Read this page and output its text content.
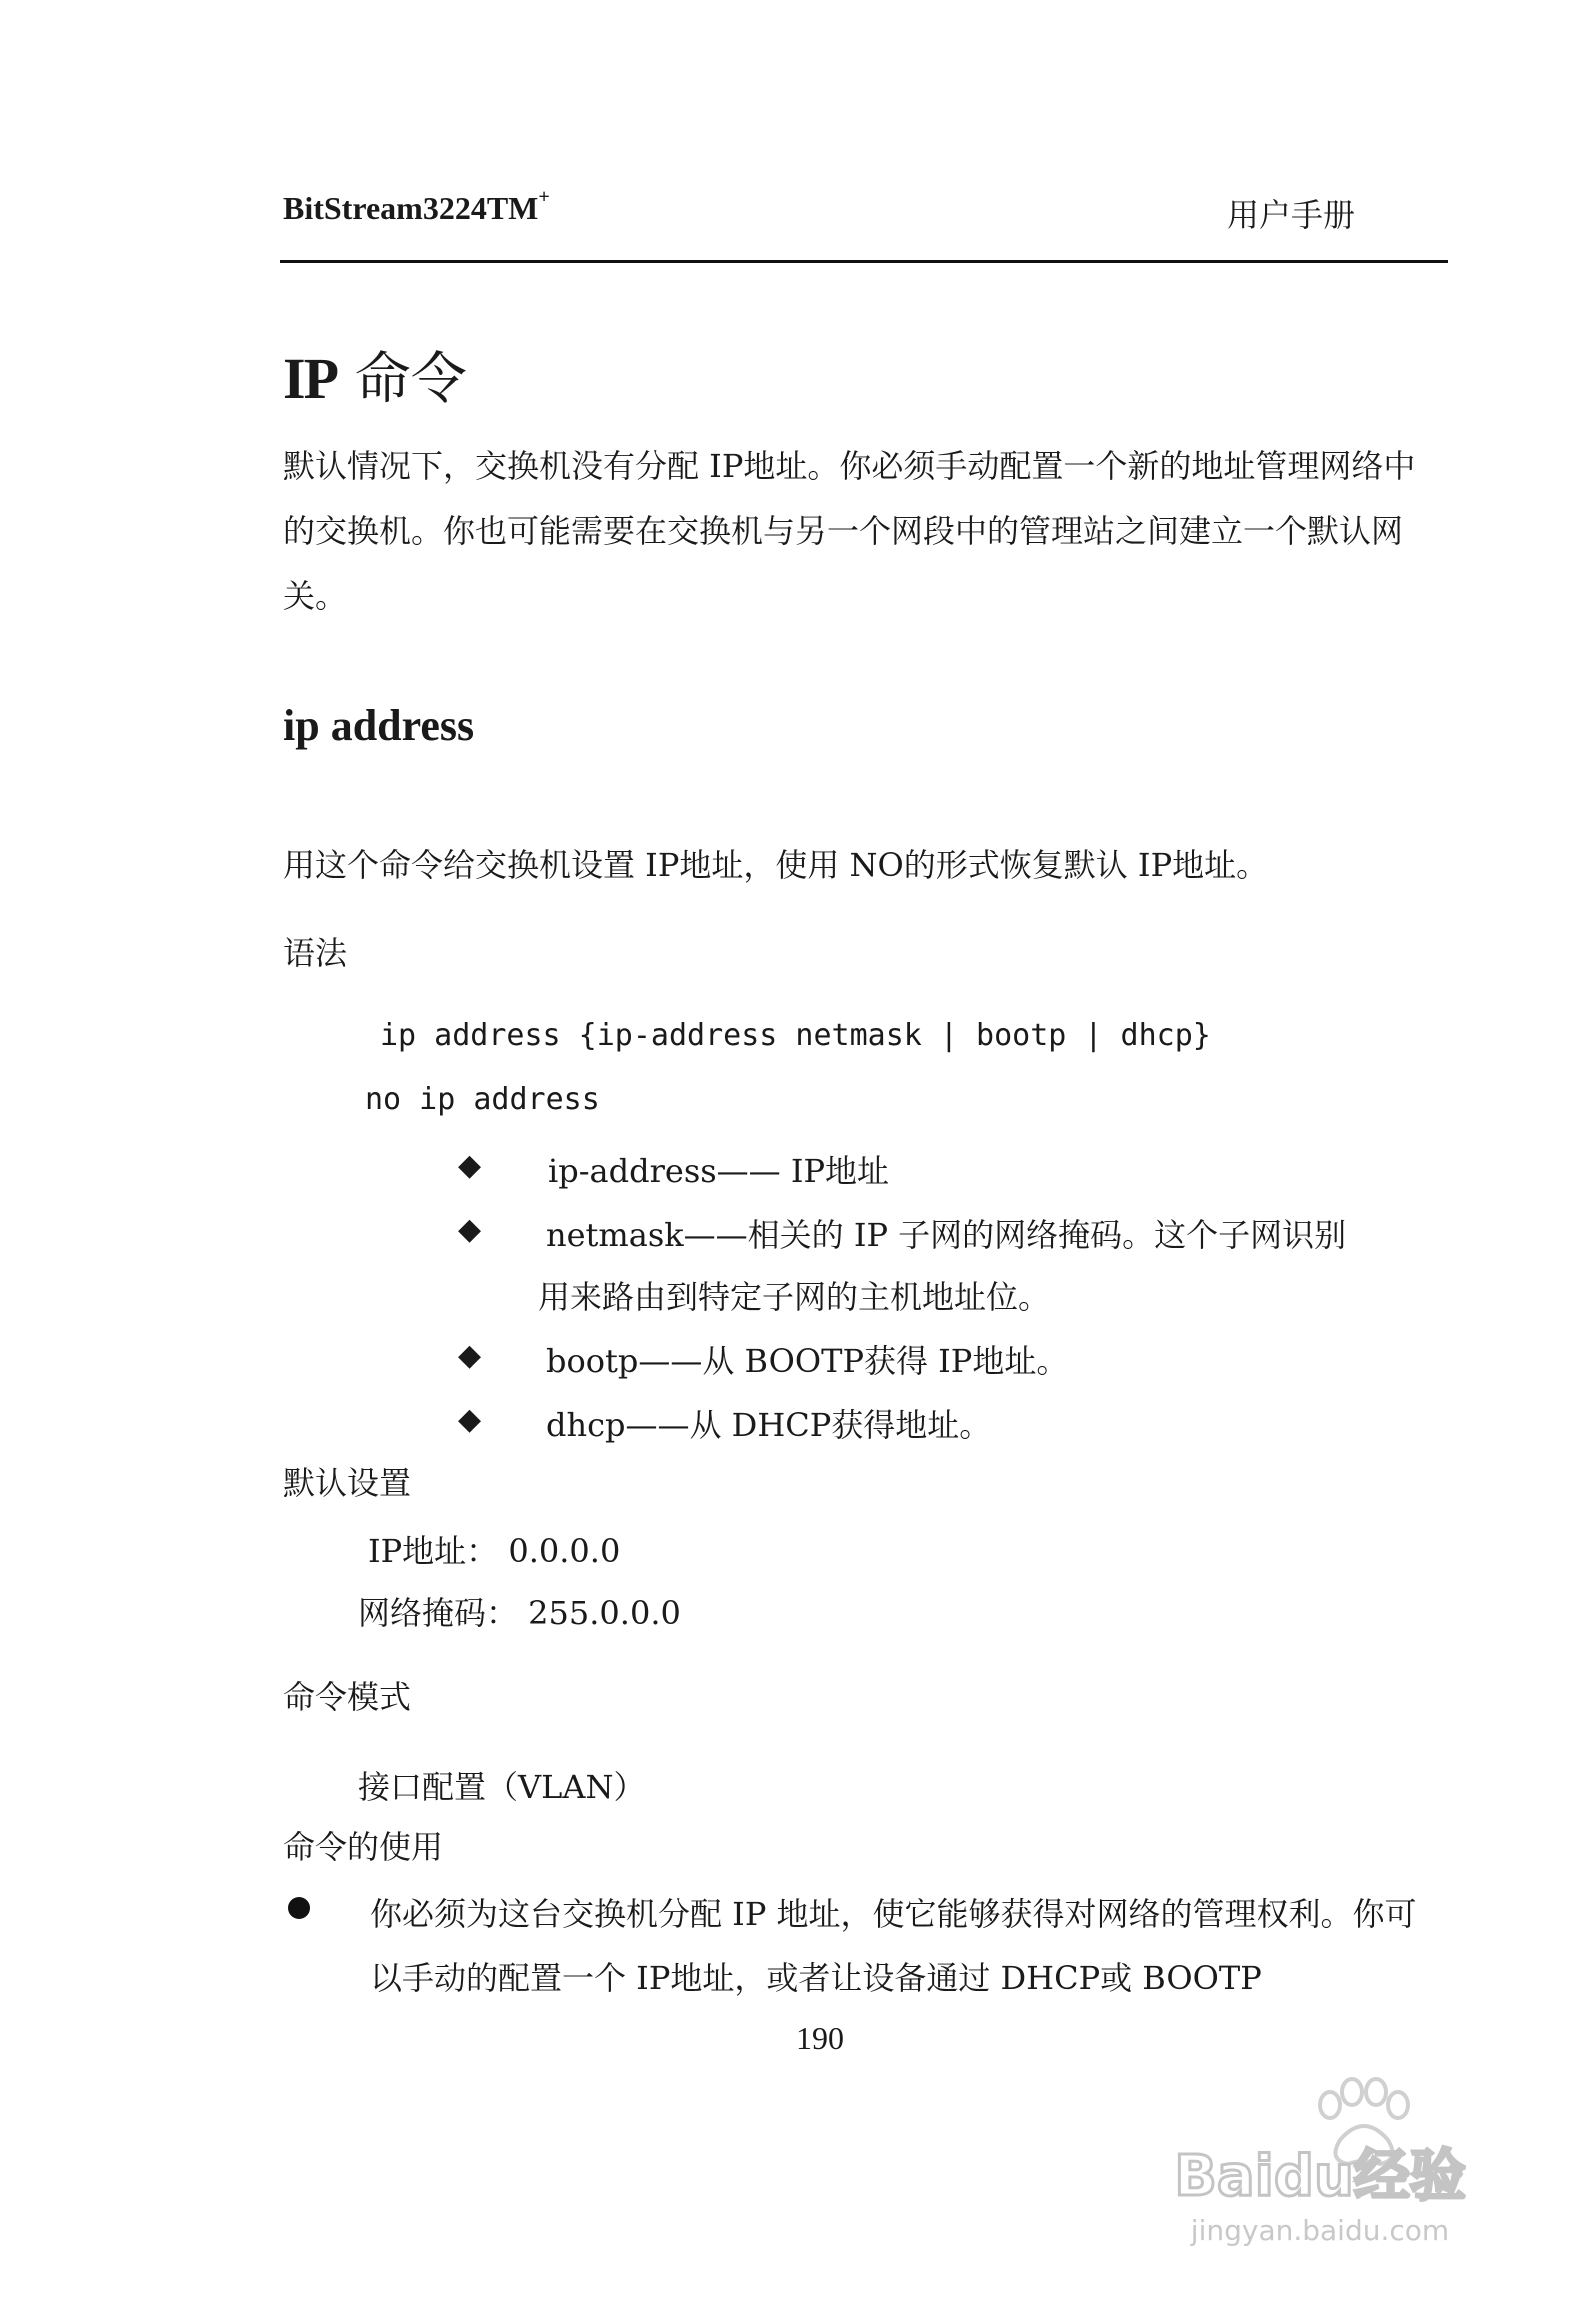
BitStream3224TM+	用户手册
IP 命令
默认情况下，交换机没有分配 IP地址。你必须手动配置一个新的地址管理网络中的交换机。你也可能需要在交换机与另一个网段中的管理站之间建立一个默认网关。
ip address
用这个命令给交换机设置 IP地址，使用 NO的形式恢复默认 IP地址。
语法
ip address {ip-address netmask | bootp | dhcp}
no ip address
◆ ip-address—— IP地址
◆ netmask——相关的 IP 子网的网络掩码。这个子网识别
用来路由到特定子网的主机地址位。
◆ bootp——从 BOOTP获得 IP地址。
◆ dhcp——从 DHCP获得地址。
默认设置
IP地址： 0.0.0.0
网络掩码： 255.0.0.0
命令模式
接口配置（VLAN）
命令的使用
你必须为这台交换机分配 IP 地址，使它能够获得对网络的管理权利。你可以手动的配置一个 IP地址，或者让设备通过 DHCP或 BOOTP
190
Baidu经验
jingyan.baidu.com
